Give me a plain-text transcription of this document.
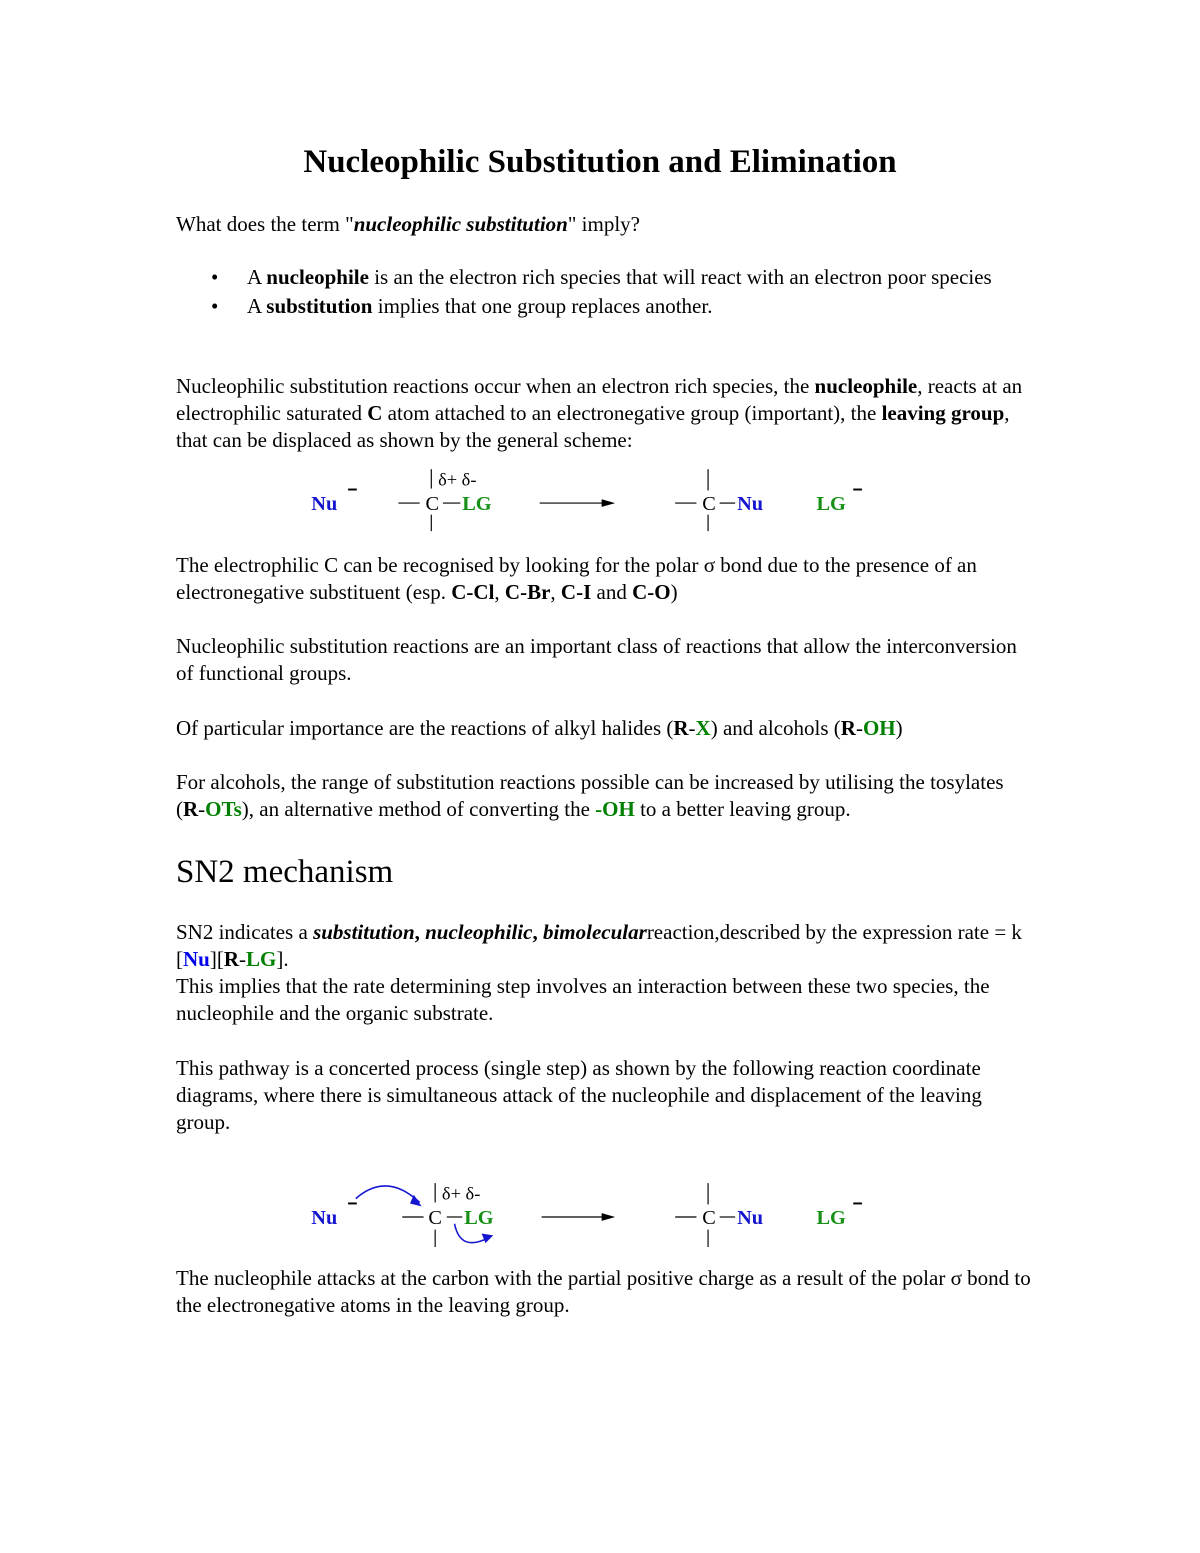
Nucleophilic Substitution and Elimination

What does the term "nucleophilic substitution" imply?

• A nucleophile is an the electron rich species that will react with an electron poor species
• A substitution implies that one group replaces another.

Nucleophilic substitution reactions occur when an electron rich species, the nucleophile, reacts at an electrophilic saturated C atom attached to an electronegative group (important), the leaving group, that can be displaced as shown by the general scheme:

The electrophilic C can be recognised by looking for the polar σ bond due to the presence of an electronegative substituent (esp. C-Cl, C-Br, C-I and C-O)

Nucleophilic substitution reactions are an important class of reactions that allow the interconversion of functional groups.

Of particular importance are the reactions of alkyl halides (R-X) and alcohols (R-OH)

For alcohols, the range of substitution reactions possible can be increased by utilising the tosylates (R-OTs), an alternative method of converting the -OH to a better leaving group.

SN2 mechanism

SN2 indicates a substitution, nucleophilic, bimolecularreaction,described by the expression rate = k [Nu][R-LG].
This implies that the rate determining step involves an interaction between these two species, the nucleophile and the organic substrate.

This pathway is a concerted process (single step) as shown by the following reaction coordinate diagrams, where there is simultaneous attack of the nucleophile and displacement of the leaving group.

The nucleophile attacks at the carbon with the partial positive charge as a result of the polar σ bond to the electronegative atoms in the leaving group.

Nu
δ+ δ-
C LG	C Nu	LG
Nu
δ+ δ-
C LG	C Nu	LG
